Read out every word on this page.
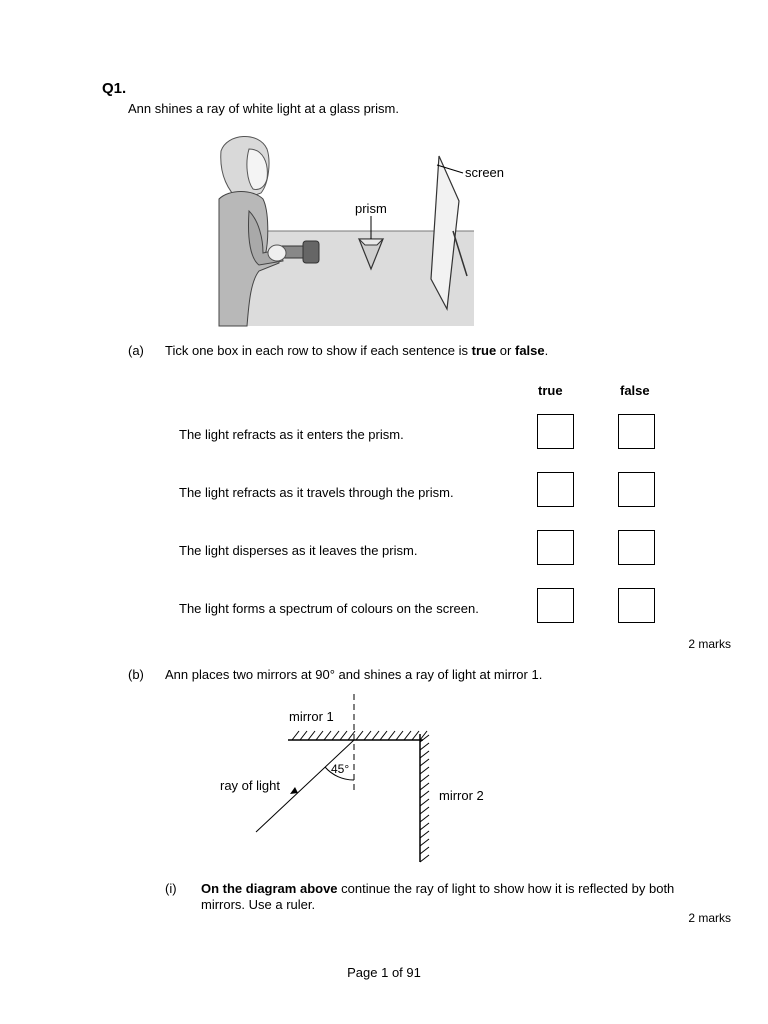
Q1.
Ann shines a ray of white light at a glass prism.
screen
prism
(a) Tick one box in each row to show if each sentence is true or false.
true	false
The light refracts as it enters the prism.
The light refracts as it travels through the prism.
The light disperses as it leaves the prism.
The light forms a spectrum of colours on the screen.
2 marks
(b) Ann places two mirrors at 90° and shines a ray of light at mirror 1.
mirror 1
mirror 2
ray of light
45°
(i) On the diagram above continue the ray of light to show how it is reflected by both mirrors. Use a ruler.
2 marks
Page 1 of 91
